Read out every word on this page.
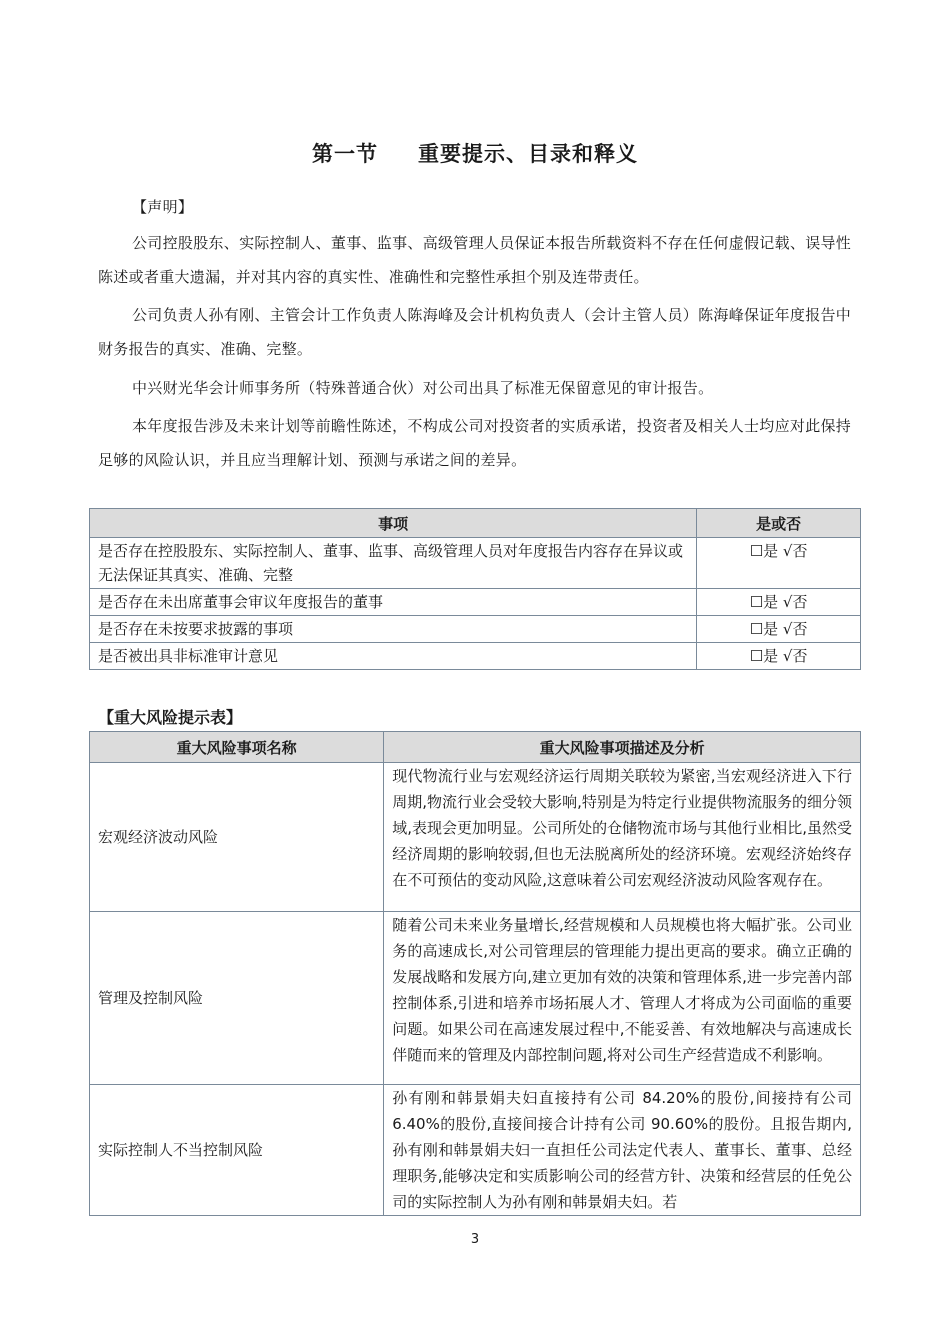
第一节 重要提示、目录和释义

【声明】

公司控股股东、实际控制人、董事、监事、高级管理人员保证本报告所载资料不存在任何虚假记载、误导性陈述或者重大遗漏，并对其内容的真实性、准确性和完整性承担个别及连带责任。

公司负责人孙有刚、主管会计工作负责人陈海峰及会计机构负责人（会计主管人员）陈海峰保证年度报告中财务报告的真实、准确、完整。

中兴财光华会计师事务所（特殊普通合伙）对公司出具了标准无保留意见的审计报告。

本年度报告涉及未来计划等前瞻性陈述，不构成公司对投资者的实质承诺，投资者及相关人士均应对此保持足够的风险认识，并且应当理解计划、预测与承诺之间的差异。

事项	是或否
是否存在控股股东、实际控制人、董事、监事、高级管理人员对年度报告内容存在异议或无法保证其真实、准确、完整	☐是 √否
是否存在未出席董事会审议年度报告的董事	☐是 √否
是否存在未按要求披露的事项	☐是 √否
是否被出具非标准审计意见	☐是 √否
【重大风险提示表】
重大风险事项名称	重大风险事项描述及分析
宏观经济波动风险	现代物流行业与宏观经济运行周期关联较为紧密,当宏观经济进入下行周期,物流行业会受较大影响,特别是为特定行业提供物流服务的细分领域,表现会更加明显。公司所处的仓储物流市场与其他行业相比,虽然受经济周期的影响较弱,但也无法脱离所处的经济环境。宏观经济始终存在不可预估的变动风险,这意味着公司宏观经济波动风险客观存在。
管理及控制风险	随着公司未来业务量增长,经营规模和人员规模也将大幅扩张。公司业务的高速成长,对公司管理层的管理能力提出更高的要求。确立正确的发展战略和发展方向,建立更加有效的决策和管理体系,进一步完善内部控制体系,引进和培养市场拓展人才、管理人才将成为公司面临的重要问题。如果公司在高速发展过程中,不能妥善、有效地解决与高速成长伴随而来的管理及内部控制问题,将对公司生产经营造成不利影响。
实际控制人不当控制风险	孙有刚和韩景娟夫妇直接持有公司 84.20%的股份,间接持有公司 6.40%的股份,直接间接合计持有公司 90.60%的股份。且报告期内,孙有刚和韩景娟夫妇一直担任公司法定代表人、董事长、董事、总经理职务,能够决定和实质影响公司的经营方针、决策和经营层的任免公司的实际控制人为孙有刚和韩景娟夫妇。若
3
